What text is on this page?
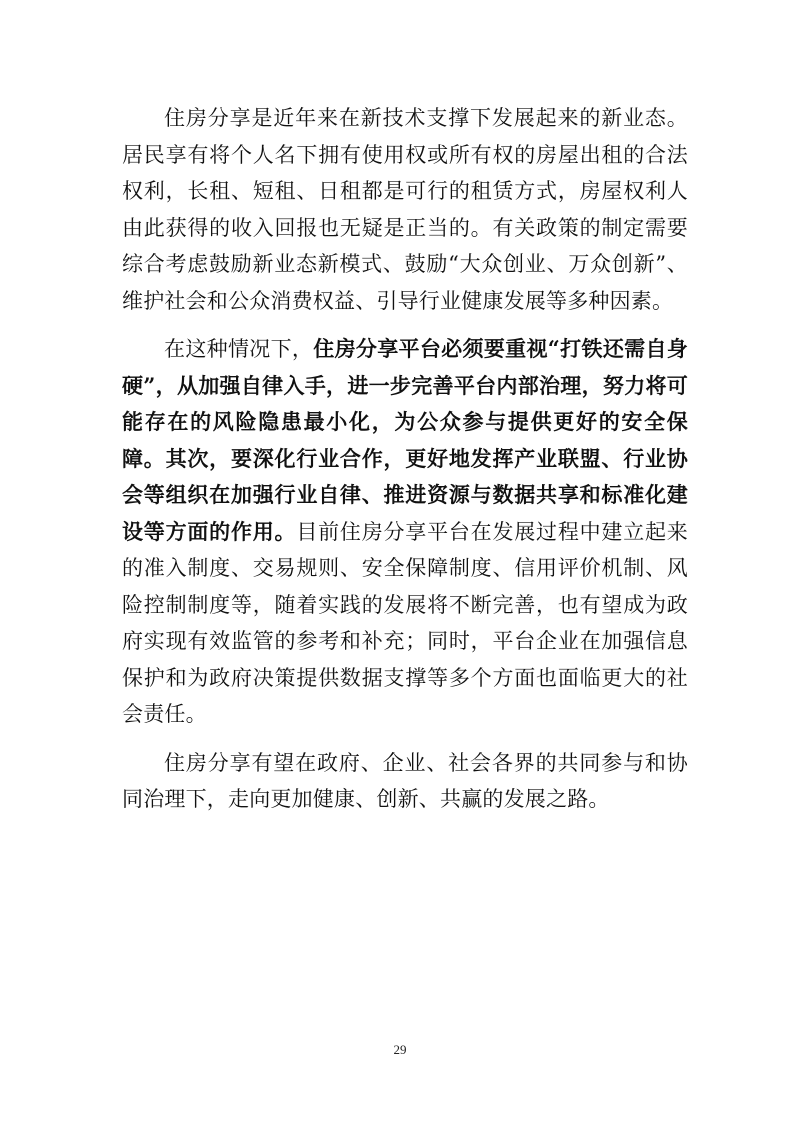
住房分享是近年来在新技术支撑下发展起来的新业态。居民享有将个人名下拥有使用权或所有权的房屋出租的合法权利，长租、短租、日租都是可行的租赁方式，房屋权利人由此获得的收入回报也无疑是正当的。有关政策的制定需要综合考虑鼓励新业态新模式、鼓励“大众创业、万众创新”、维护社会和公众消费权益、引导行业健康发展等多种因素。

在这种情况下，住房分享平台必须要重视“打铁还需自身硬”，从加强自律入手，进一步完善平台内部治理，努力将可能存在的风险隐患最小化，为公众参与提供更好的安全保障。其次，要深化行业合作，更好地发挥产业联盟、行业协会等组织在加强行业自律、推进资源与数据共享和标准化建设等方面的作用。目前住房分享平台在发展过程中建立起来的准入制度、交易规则、安全保障制度、信用评价机制、风险控制制度等，随着实践的发展将不断完善，也有望成为政府实现有效监管的参考和补充；同时，平台企业在加强信息保护和为政府决策提供数据支撑等多个方面也面临更大的社会责任。

住房分享有望在政府、企业、社会各界的共同参与和协同治理下，走向更加健康、创新、共赢的发展之路。

29
